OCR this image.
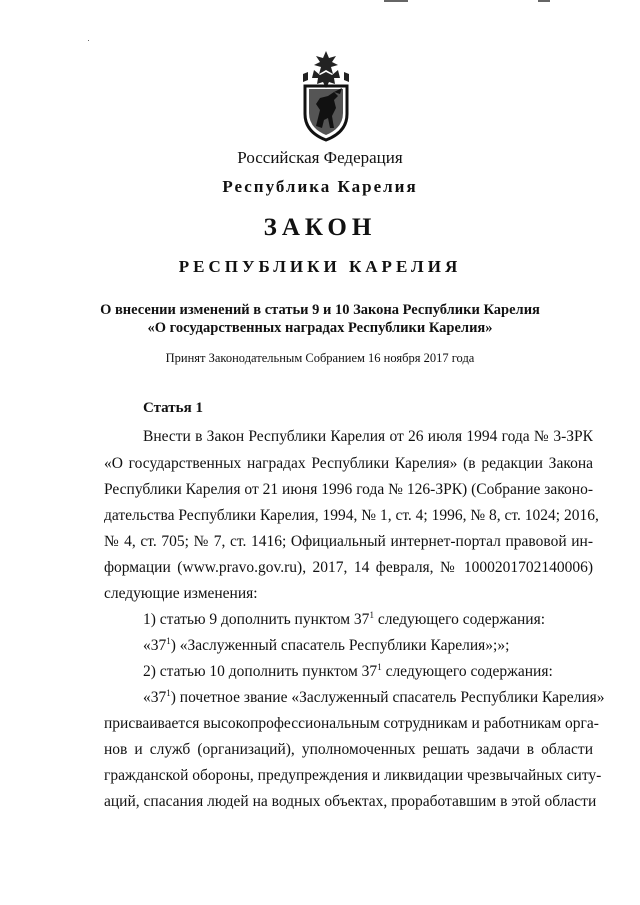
Российская Федерация
Республика Карелия
ЗАКОН
РЕСПУБЛИКИ КАРЕЛИЯ
О внесении изменений в статьи 9 и 10 Закона Республики Карелия
«О государственных наградах Республики Карелия»
Принят Законодательным Собранием 16 ноября 2017 года
Статья 1
Внести в Закон Республики Карелия от 26 июля 1994 года № 3-ЗРК
«О государственных наградах Республики Карелия» (в редакции Закона
Республики Карелия от 21 июня 1996 года № 126-ЗРК) (Собрание законо-
дательства Республики Карелия, 1994, № 1, ст. 4; 1996, № 8, ст. 1024; 2016,
№ 4, ст. 705; № 7, ст. 1416; Официальный интернет-портал правовой ин-
формации (www.pravo.gov.ru), 2017, 14 февраля, № 1000201702140006)
следующие изменения:
1) статью 9 дополнить пунктом $37^1$ следующего содержания:
«$37^1$) «Заслуженный спасатель Республики Карелия»;»;
2) статью 10 дополнить пунктом $37^1$ следующего содержания:
«$37^1$) почетное звание «Заслуженный спасатель Республики Карелия»
присваивается высокопрофессиональным сотрудникам и работникам орга-
нов и служб (организаций), уполномоченных решать задачи в области
гражданской обороны, предупреждения и ликвидации чрезвычайных ситу-
аций, спасания людей на водных объектах, проработавшим в этой области
